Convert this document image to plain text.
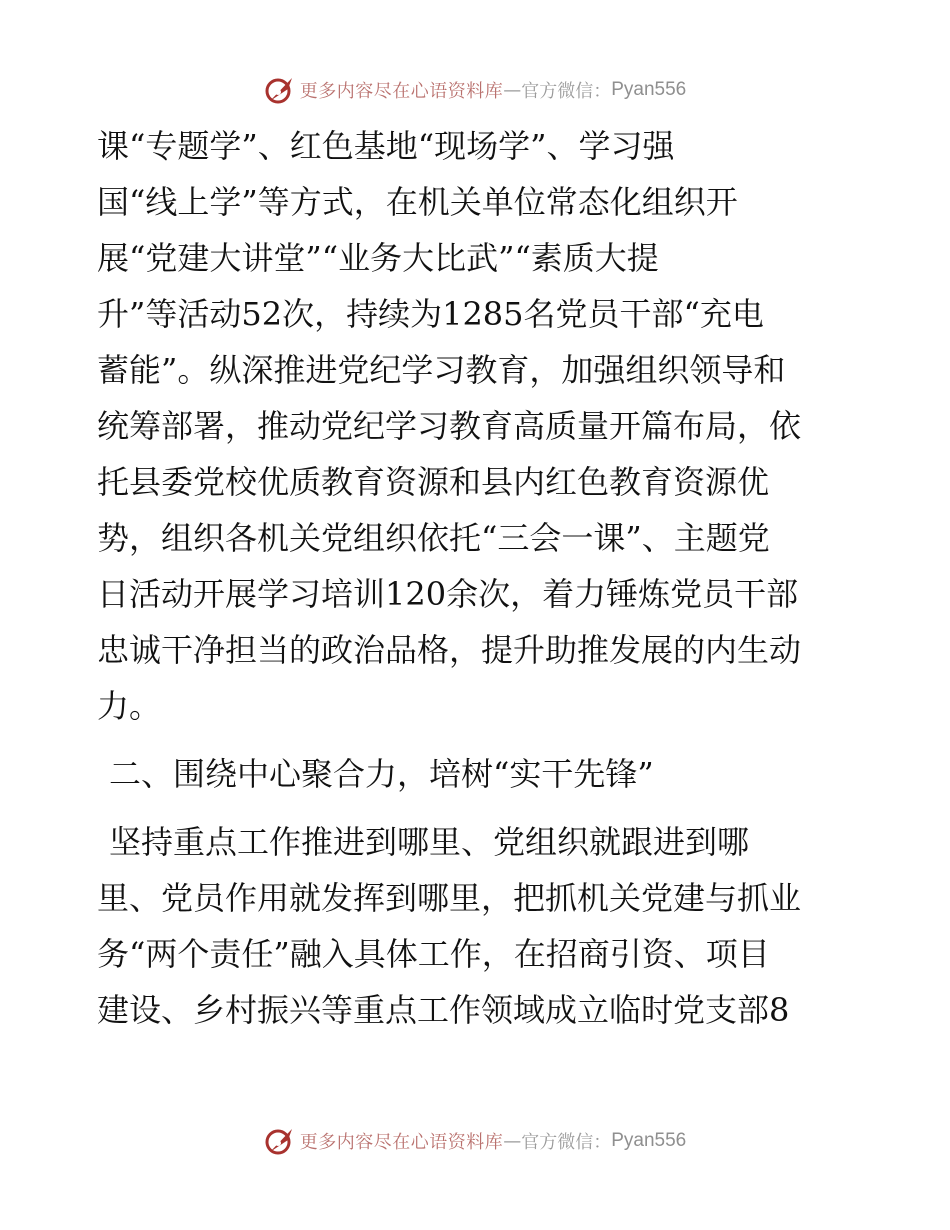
更多内容尽在心语资料库 — 官方微信： Pyan556
课“专题学”、红色基地“现场学”、学习强
国“线上学”等方式，在机关单位常态化组织开
展“党建大讲堂”“业务大比武”“素质大提
升”等活动52次，持续为1285名党员干部“充电
蓄能”。纵深推进党纪学习教育，加强组织领导和
统筹部署，推动党纪学习教育高质量开篇布局，依
托县委党校优质教育资源和县内红色教育资源优
势，组织各机关党组织依托“三会一课”、主题党
日活动开展学习培训120余次，着力锤炼党员干部
忠诚干净担当的政治品格，提升助推发展的内生动
力。
二、围绕中心聚合力，培树“实干先锋”
坚持重点工作推进到哪里、党组织就跟进到哪
里、党员作用就发挥到哪里，把抓机关党建与抓业
务“两个责任”融入具体工作，在招商引资、项目
建设、乡村振兴等重点工作领域成立临时党支部8
更多内容尽在心语资料库 — 官方微信： Pyan556
